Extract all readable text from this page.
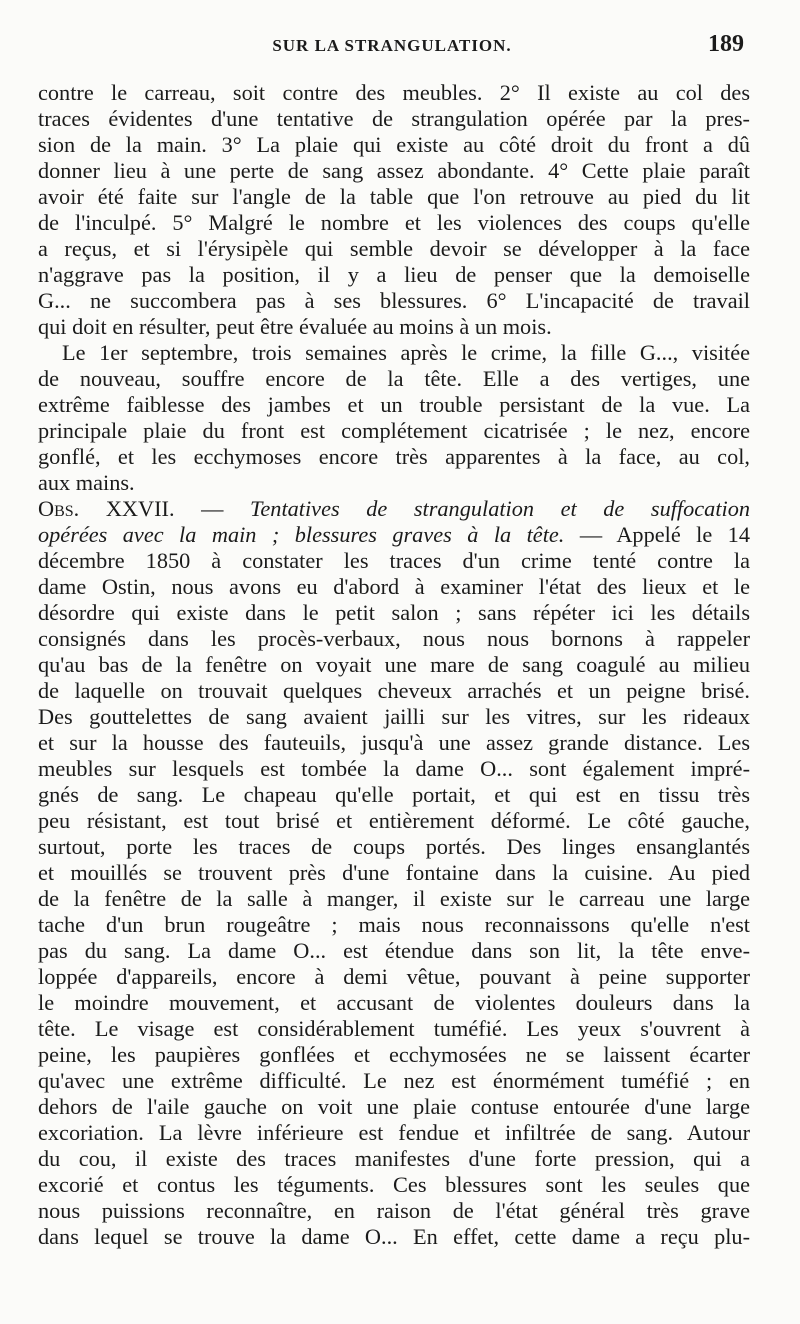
SUR LA STRANGULATION.	189
contre le carreau, soit contre des meubles. 2° Il existe au col des
traces évidentes d'une tentative de strangulation opérée par la pres-
sion de la main. 3° La plaie qui existe au côté droit du front a dû
donner lieu à une perte de sang assez abondante. 4° Cette plaie paraît
avoir été faite sur l'angle de la table que l'on retrouve au pied du lit
de l'inculpé. 5° Malgré le nombre et les violences des coups qu'elle
a reçus, et si l'érysipèle qui semble devoir se développer à la face
n'aggrave pas la position, il y a lieu de penser que la demoiselle
G... ne succombera pas à ses blessures. 6° L'incapacité de travail
qui doit en résulter, peut être évaluée au moins à un mois.
Le 1er septembre, trois semaines après le crime, la fille G..., visitée
de nouveau, souffre encore de la tête. Elle a des vertiges, une
extrême faiblesse des jambes et un trouble persistant de la vue. La
principale plaie du front est complétement cicatrisée ; le nez, encore
gonflé, et les ecchymoses encore très apparentes à la face, au col,
aux mains.
Obs. XXVII. — Tentatives de strangulation et de suffocation
opérées avec la main ; blessures graves à la tête. — Appelé le 14
décembre 1850 à constater les traces d'un crime tenté contre la
dame Ostin, nous avons eu d'abord à examiner l'état des lieux et le
désordre qui existe dans le petit salon ; sans répéter ici les détails
consignés dans les procès-verbaux, nous nous bornons à rappeler
qu'au bas de la fenêtre on voyait une mare de sang coagulé au milieu
de laquelle on trouvait quelques cheveux arrachés et un peigne brisé.
Des gouttelettes de sang avaient jailli sur les vitres, sur les rideaux
et sur la housse des fauteuils, jusqu'à une assez grande distance. Les
meubles sur lesquels est tombée la dame O... sont également impré-
gnés de sang. Le chapeau qu'elle portait, et qui est en tissu très
peu résistant, est tout brisé et entièrement déformé. Le côté gauche,
surtout, porte les traces de coups portés. Des linges ensanglantés
et mouillés se trouvent près d'une fontaine dans la cuisine. Au pied
de la fenêtre de la salle à manger, il existe sur le carreau une large
tache d'un brun rougeâtre ; mais nous reconnaissons qu'elle n'est
pas du sang. La dame O... est étendue dans son lit, la tête enve-
loppée d'appareils, encore à demi vêtue, pouvant à peine supporter
le moindre mouvement, et accusant de violentes douleurs dans la
tête. Le visage est considérablement tuméfié. Les yeux s'ouvrent à
peine, les paupières gonflées et ecchymosées ne se laissent écarter
qu'avec une extrême difficulté. Le nez est énormément tuméfié ; en
dehors de l'aile gauche on voit une plaie contuse entourée d'une large
excoriation. La lèvre inférieure est fendue et infiltrée de sang. Autour
du cou, il existe des traces manifestes d'une forte pression, qui a
excorié et contus les téguments. Ces blessures sont les seules que
nous puissions reconnaître, en raison de l'état général très grave
dans lequel se trouve la dame O... En effet, cette dame a reçu plu-
